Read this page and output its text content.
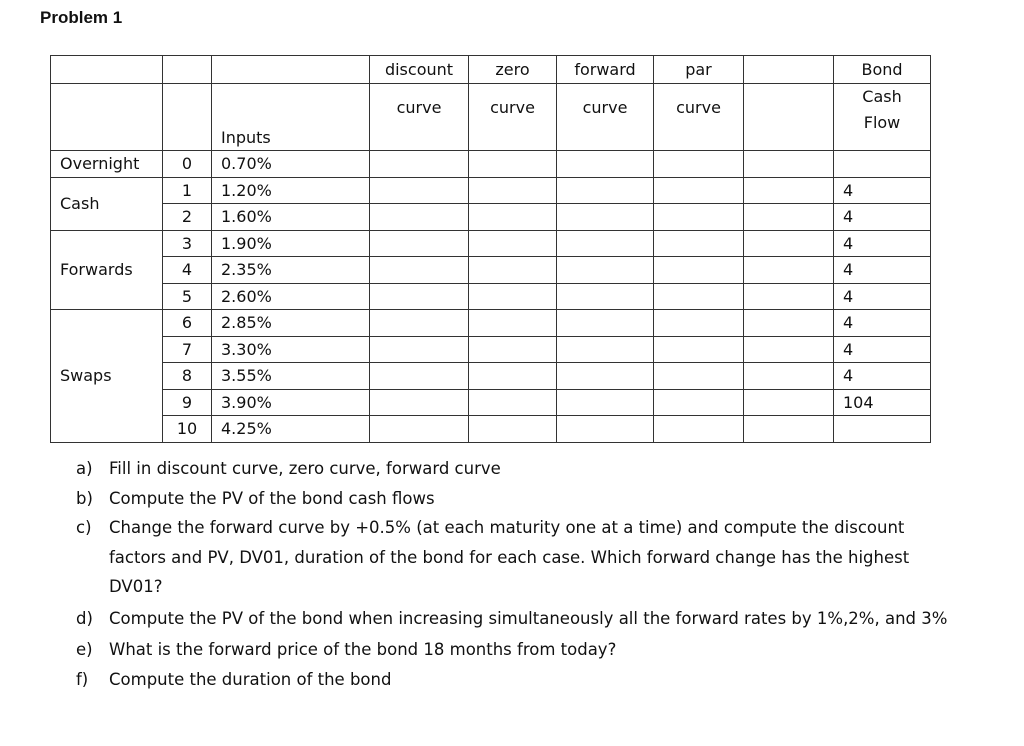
Problem 1
			discount	zero	forward	par		Bond
		Inputs	curve	curve	curve	curve		Cash
Flow
Overnight	0	0.70%						
Cash	1	1.20%						4
	2	1.60%						4
Forwards	3	1.90%						4
	4	2.35%						4
	5	2.60%						4
Swaps	6	2.85%						4
	7	3.30%						4
	8	3.55%						4
	9	3.90%						104
	10	4.25%						
a) Fill in discount curve, zero curve, forward curve
b) Compute the PV of the bond cash flows
c)	Change the forward curve by +0.5% (at each maturity one at a time) and compute the discount factors and PV, DV01, duration of the bond for each case. Which forward change has the highest DV01?
d) Compute the PV of the bond when increasing simultaneously all the forward rates by 1%,2%, and 3%
e) What is the forward price of the bond 18 months from today?
f)	Compute the duration of the bond
